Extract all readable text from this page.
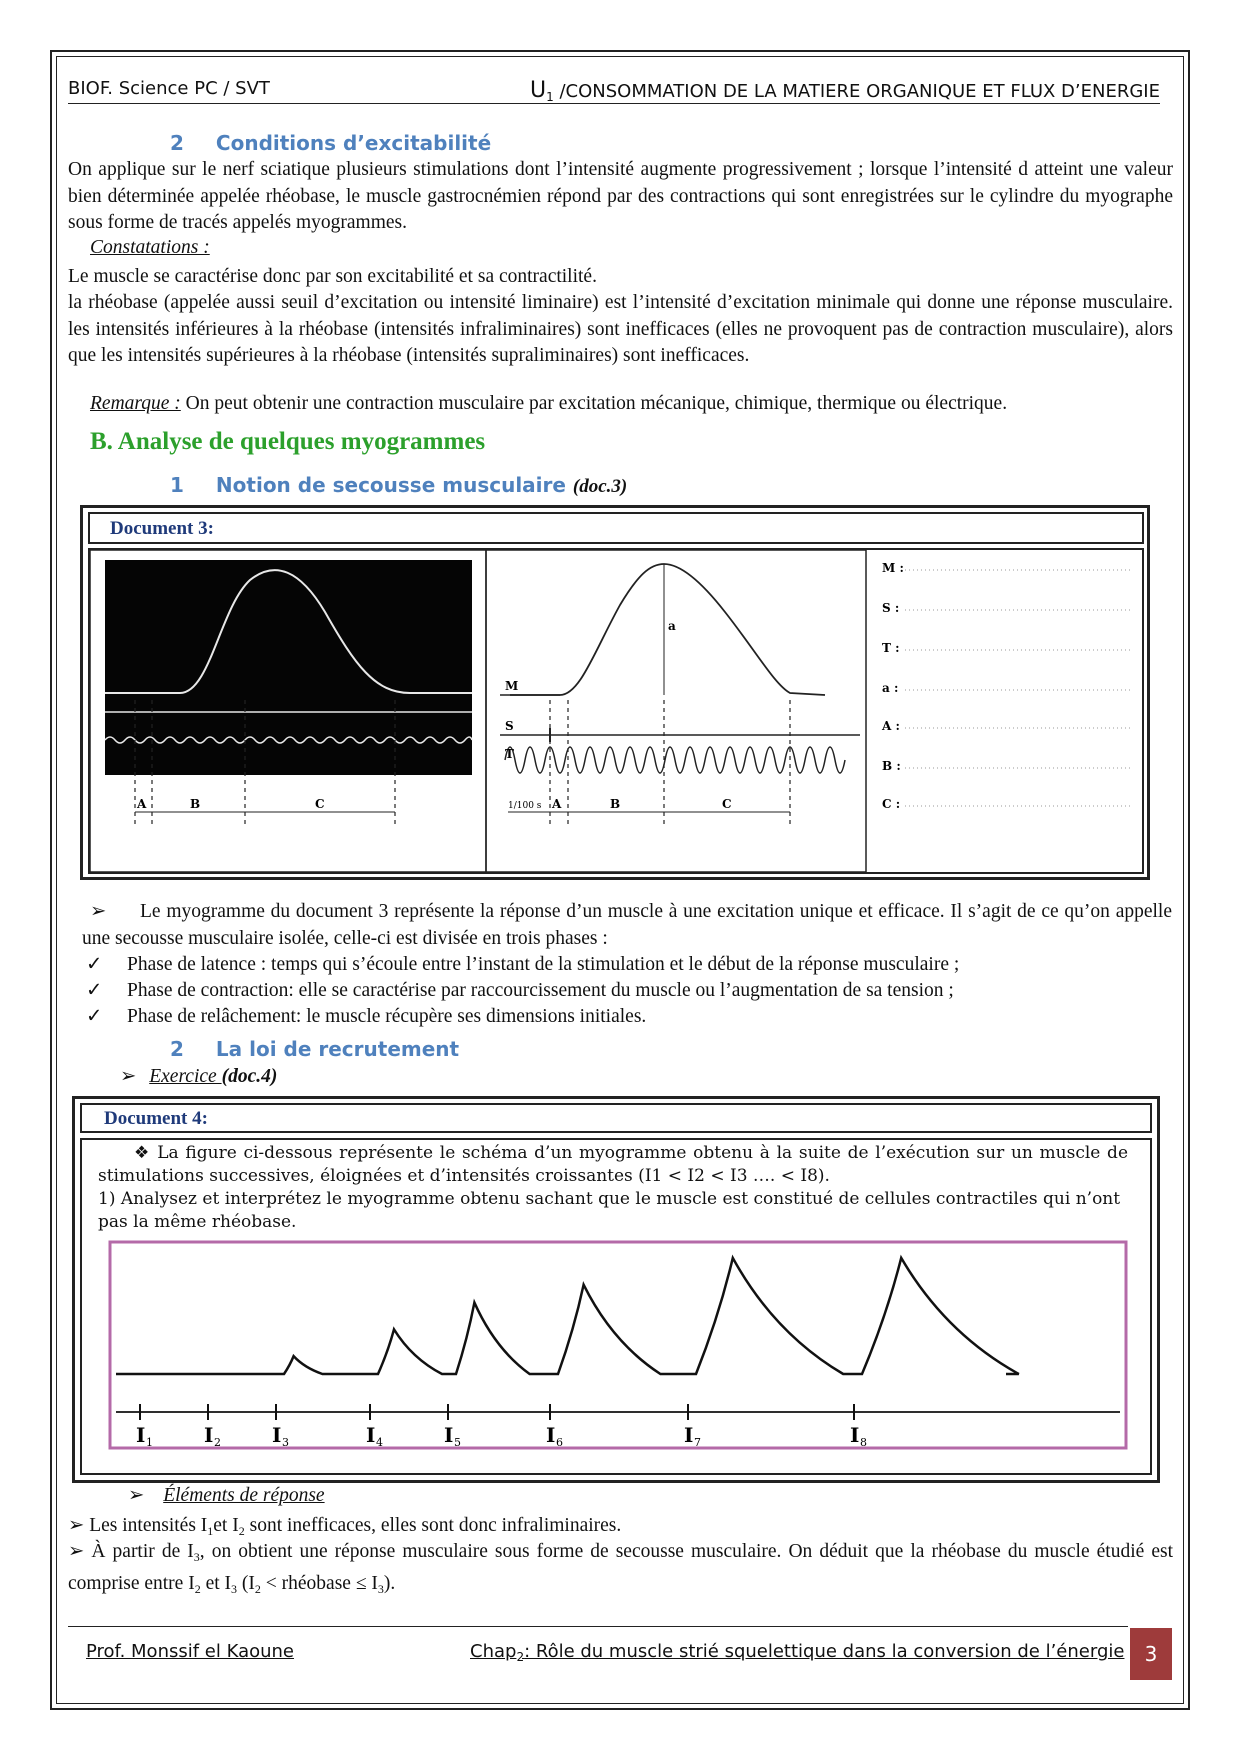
BIOF. Science PC / SVT	$U_1$ /CONSOMMATION DE LA MATIERE ORGANIQUE ET FLUX D’ENERGIE
2 Conditions d’excitabilité
On applique sur le nerf sciatique plusieurs stimulations dont l’intensité augmente progressivement ; lorsque l’intensité d atteint une valeur bien déterminée appelée rhéobase, le muscle gastrocnémien répond par des contractions qui sont enregistrées sur le cylindre du myographe sous forme de tracés appelés myogrammes.
Constatations :
Le muscle se caractérise donc par son excitabilité et sa contractilité.
la rhéobase (appelée aussi seuil d’excitation ou intensité liminaire) est l’intensité d’excitation minimale qui donne une réponse musculaire. les intensités inférieures à la rhéobase (intensités infraliminaires) sont inefficaces (elles ne provoquent pas de contraction musculaire), alors que les intensités supérieures à la rhéobase (intensités supraliminaires) sont inefficaces.
Remarque : On peut obtenir une contraction musculaire par excitation mécanique, chimique, thermique ou électrique.
B. Analyse de quelques myogrammes
1 Notion de secousse musculaire (doc.3)
Document 3:
A	B	C
M
S
T
a
1/100 s A	B	C
M :
S :
T :
a :
A :
B :
C :
➢	Le myogramme du document 3 représente la réponse d’un muscle à une excitation unique et efficace. Il s’agit de ce qu’on appelle une secousse musculaire isolée, celle-ci est divisée en trois phases :
✓ Phase de latence : temps qui s’écoule entre l’instant de la stimulation et le début de la réponse musculaire ;
✓ Phase de contraction: elle se caractérise par raccourcissement du muscle ou l’augmentation de sa tension ;
✓ Phase de relâchement: le muscle récupère ses dimensions initiales.
2 La loi de recrutement
➢ Exercice (doc.4)
Document 4:
❖ La figure ci-dessous représente le schéma d’un myogramme obtenu à la suite de l’exécution sur un muscle de stimulations successives, éloignées et d’intensités croissantes (I1 < I2 < I3 …. < I8).
1) Analysez et interprétez le myogramme obtenu sachant que le muscle est constitué de cellules contractiles qui n’ont pas la même rhéobase.
I 1	I 2	I 3	I 4	I 5	I 6	I 7	I 8
➢ Éléments de réponse
➢ Les intensités $I_1et$ $I_2$ sont inefficaces, elles sont donc infraliminaires.
➢ À partir de $I_3$, on obtient une réponse musculaire sous forme de secousse musculaire. On déduit que la rhéobase du muscle étudié est comprise entre $I_2$ et $I_3$ ($I_2$ < rhéobase ≤ $I_3$).
Prof. Monssif el Kaoune	Chap$_2$: Rôle du muscle strié squelettique dans la conversion de l’énergie	3
